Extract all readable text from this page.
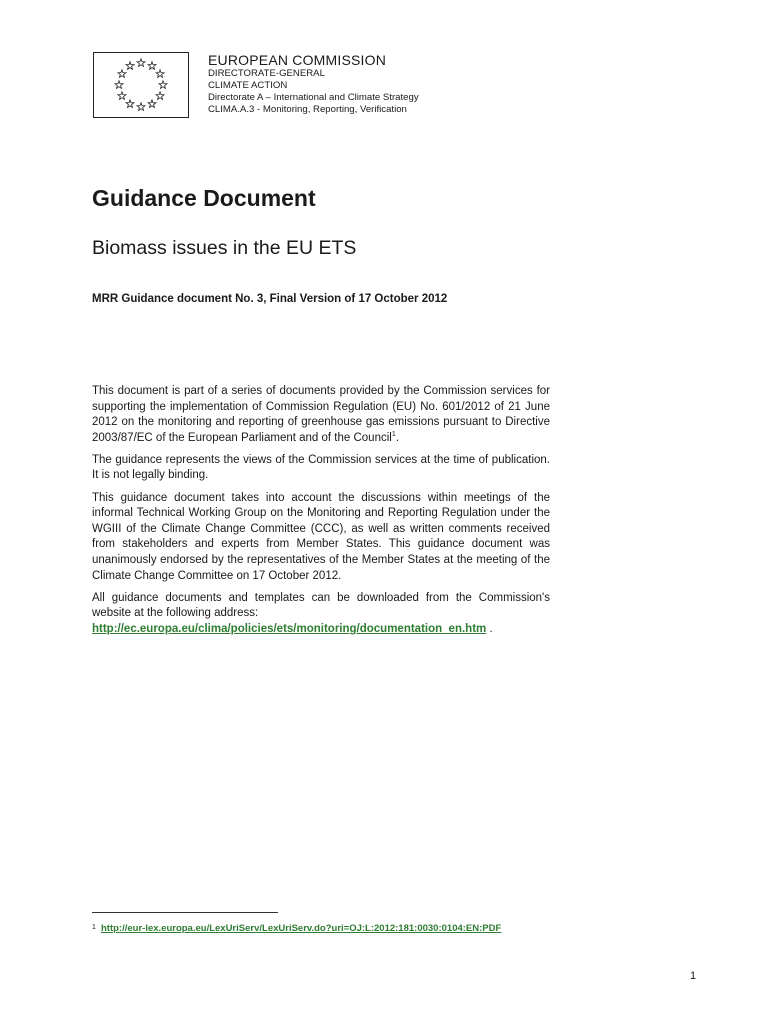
EUROPEAN COMMISSION
DIRECTORATE-GENERAL
CLIMATE ACTION
Directorate A – International and Climate Strategy
CLIMA.A.3 - Monitoring, Reporting, Verification
Guidance Document
Biomass issues in the EU ETS

MRR Guidance document No. 3, Final Version of 17 October 2012

This document is part of a series of documents provided by the Commission services for supporting the implementation of Commission Regulation (EU) No. 601/2012 of 21 June 2012 on the monitoring and reporting of greenhouse gas emissions pursuant to Directive 2003/87/EC of the European Parliament and of the Council$^1$.

The guidance represents the views of the Commission services at the time of publication. It is not legally binding.

This guidance document takes into account the discussions within meetings of the informal Technical Working Group on the Monitoring and Reporting Regulation under the WGIII of the Climate Change Committee (CCC), as well as written comments received from stakeholders and experts from Member States. This guidance document was unanimously endorsed by the representatives of the Member States at the meeting of the Climate Change Committee on 17 October 2012.

All guidance documents and templates can be downloaded from the Commission's website at the following address:
http://ec.europa.eu/clima/policies/ets/monitoring/documentation_en.htm .

1 http://eur-lex.europa.eu/LexUriServ/LexUriServ.do?uri=OJ:L:2012:181:0030:0104:EN:PDF
1
